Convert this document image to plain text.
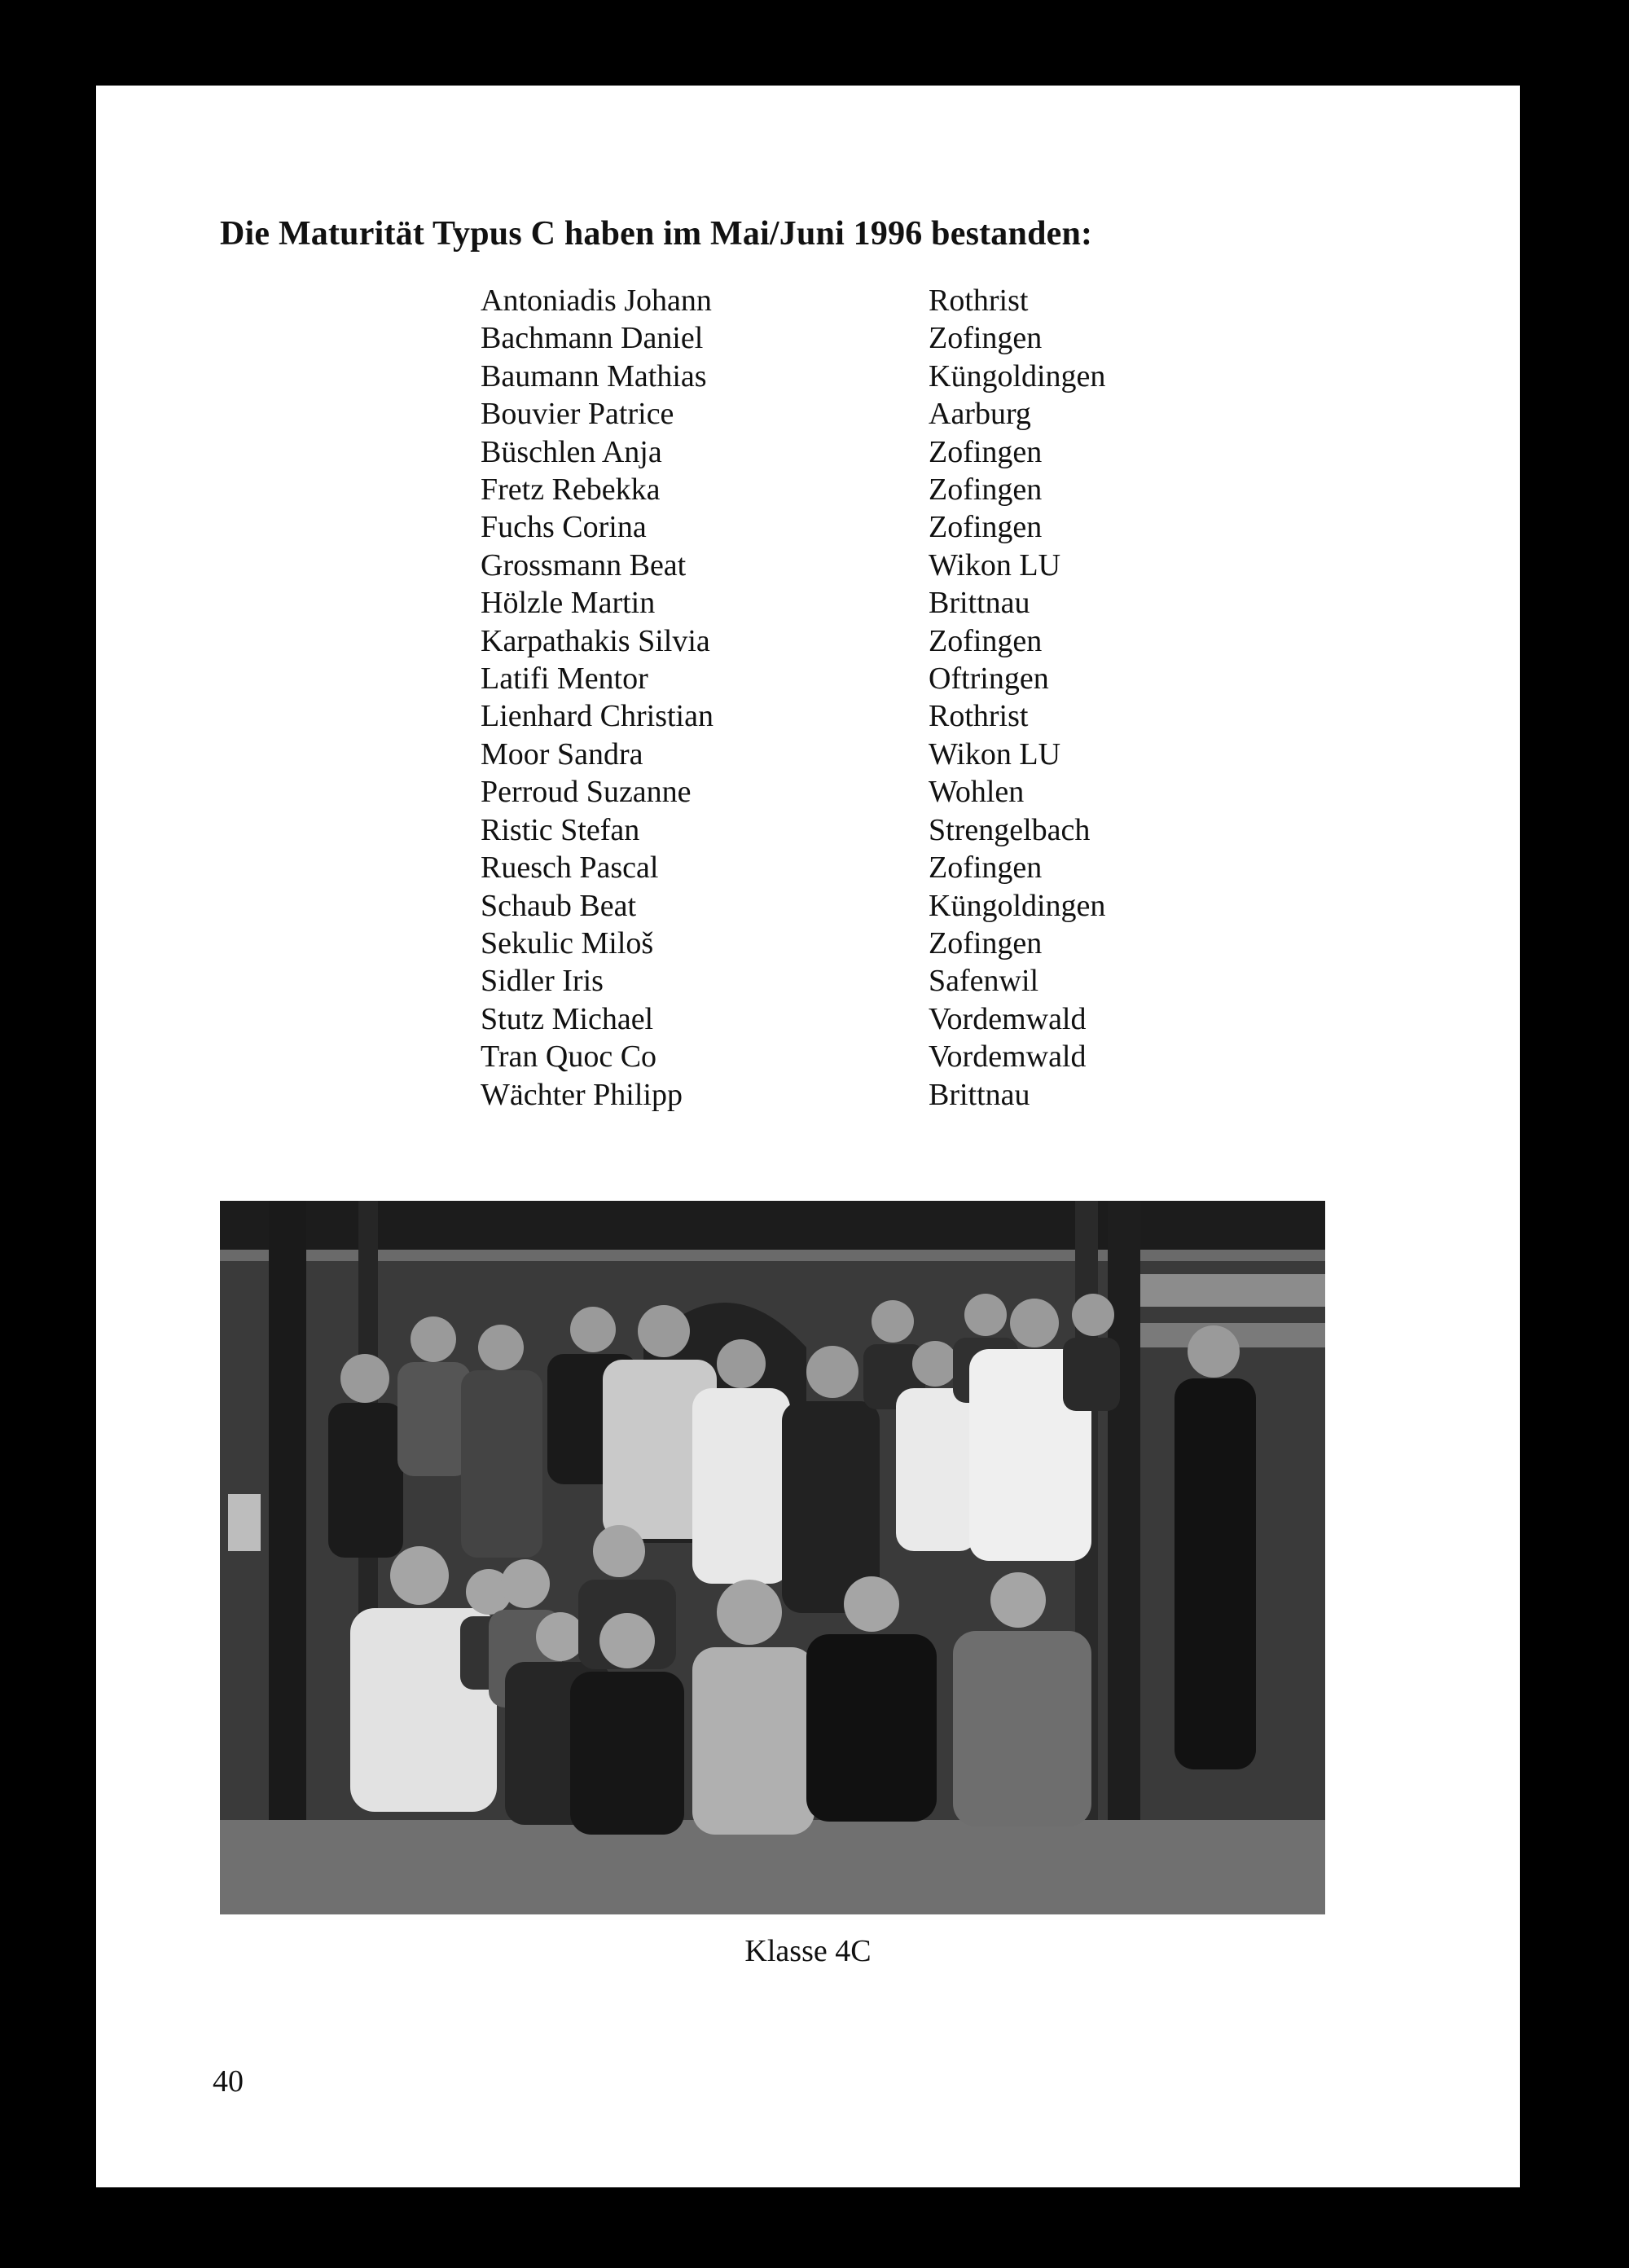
Die Maturität Typus C haben im Mai/Juni 1996 bestanden:
Antoniadis Johann
Bachmann Daniel
Baumann Mathias
Bouvier Patrice
Büschlen Anja
Fretz Rebekka
Fuchs Corina
Grossmann Beat
Hölzle Martin
Karpathakis Silvia
Latifi Mentor
Lienhard Christian
Moor Sandra
Perroud Suzanne
Ristic Stefan
Ruesch Pascal
Schaub Beat
Sekulic Miloš
Sidler Iris
Stutz Michael
Tran Quoc Co
Wächter Philipp
Rothrist
Zofingen
Küngoldingen
Aarburg
Zofingen
Zofingen
Zofingen
Wikon LU
Brittnau
Zofingen
Oftringen
Rothrist
Wikon LU
Wohlen
Strengelbach
Zofingen
Küngoldingen
Zofingen
Safenwil
Vordemwald
Vordemwald
Brittnau
Klasse 4C
40
